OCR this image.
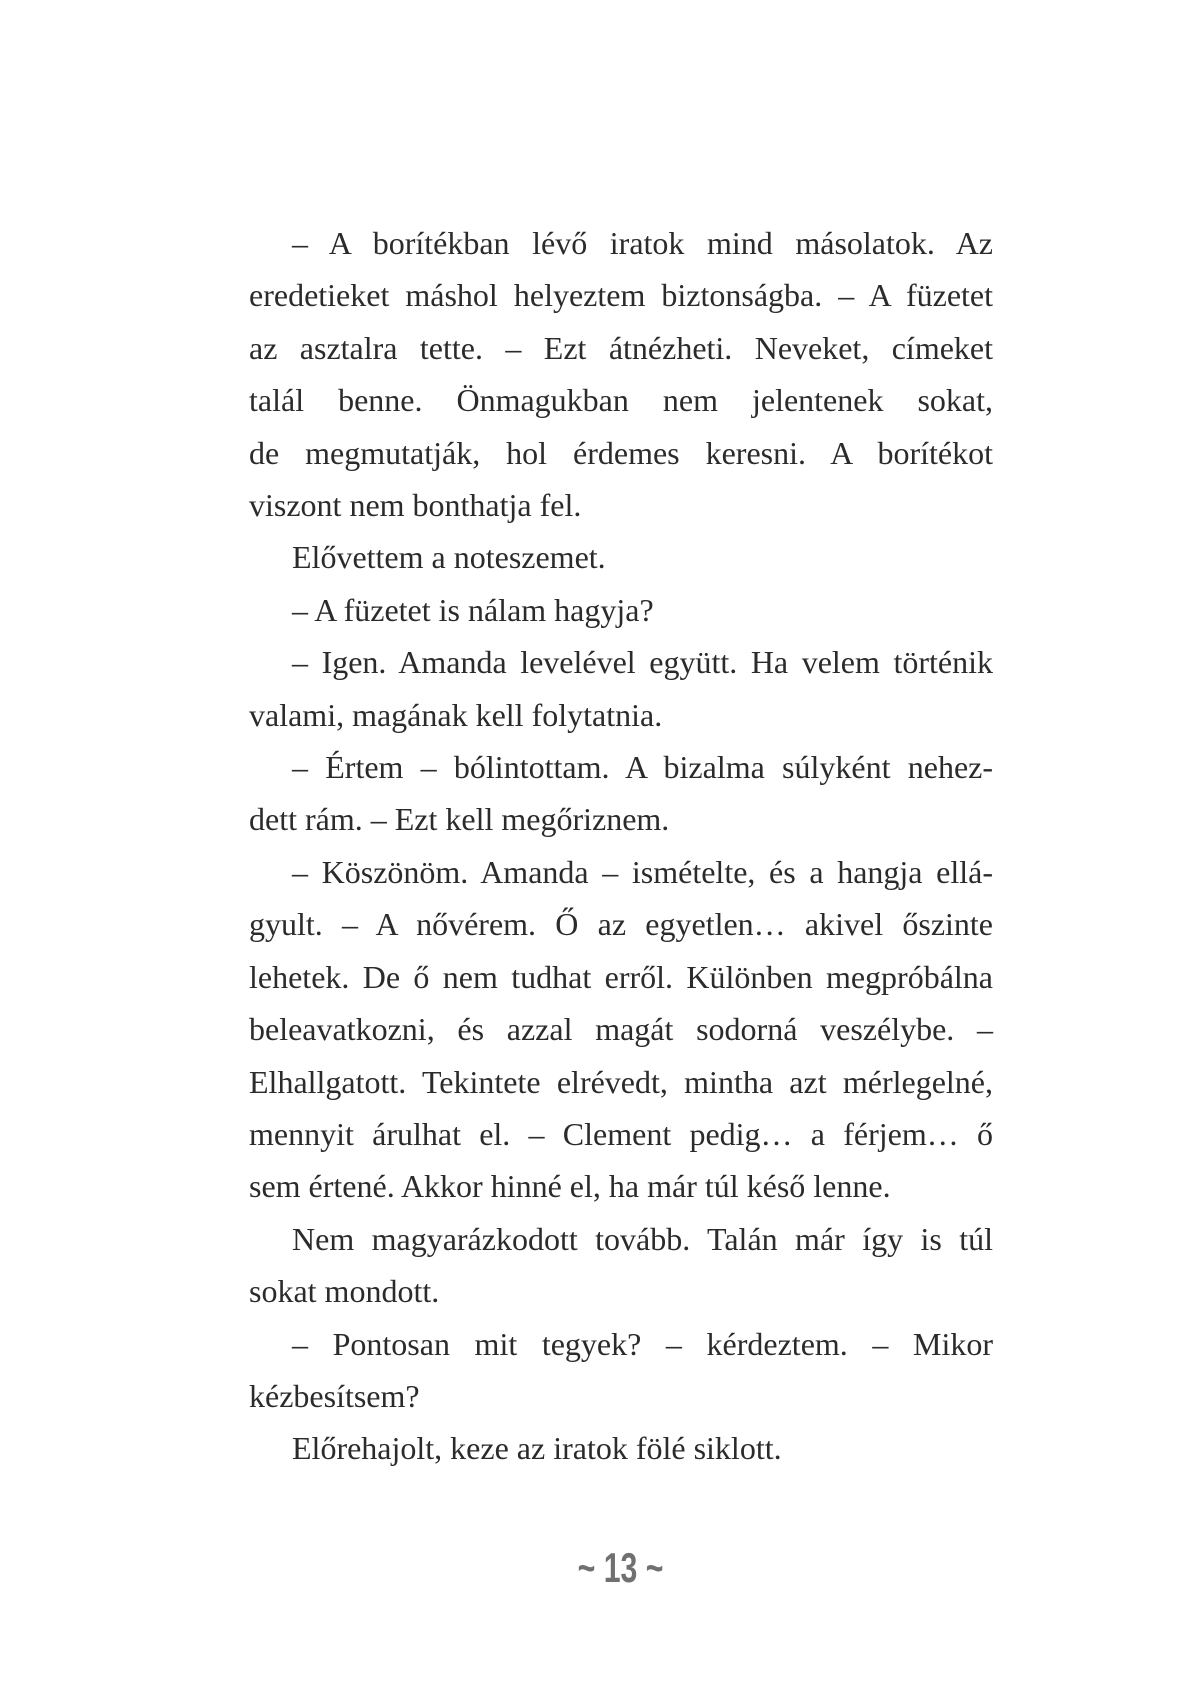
– A borítékban lévő iratok mind másolatok. Az
eredetieket máshol helyeztem biztonságba. – A füzetet
az asztalra tette. – Ezt átnézheti. Neveket, címeket
talál benne. Önmagukban nem jelentenek sokat,
de megmutatják, hol érdemes keresni. A borítékot
viszont nem bonthatja fel.
Elővettem a noteszemet.
– A füzetet is nálam hagyja?
– Igen. Amanda levelével együtt. Ha velem történik
valami, magának kell folytatnia.
– Értem – bólintottam. A bizalma súlyként nehez-
dett rám. – Ezt kell megőriznem.
– Köszönöm. Amanda – ismételte, és a hangja ellá-
gyult. – A nővérem. Ő az egyetlen… akivel őszinte
lehetek. De ő nem tudhat erről. Különben megpróbálna
beleavatkozni, és azzal magát sodorná veszélybe. –
Elhallgatott. Tekintete elrévedt, mintha azt mérlegelné,
mennyit árulhat el. – Clement pedig… a férjem… ő
sem értené. Akkor hinné el, ha már túl késő lenne.
Nem magyarázkodott tovább. Talán már így is túl
sokat mondott.
– Pontosan mit tegyek? – kérdeztem. – Mikor
kézbesítsem?
Előrehajolt, keze az iratok fölé siklott.
~ 13 ~
